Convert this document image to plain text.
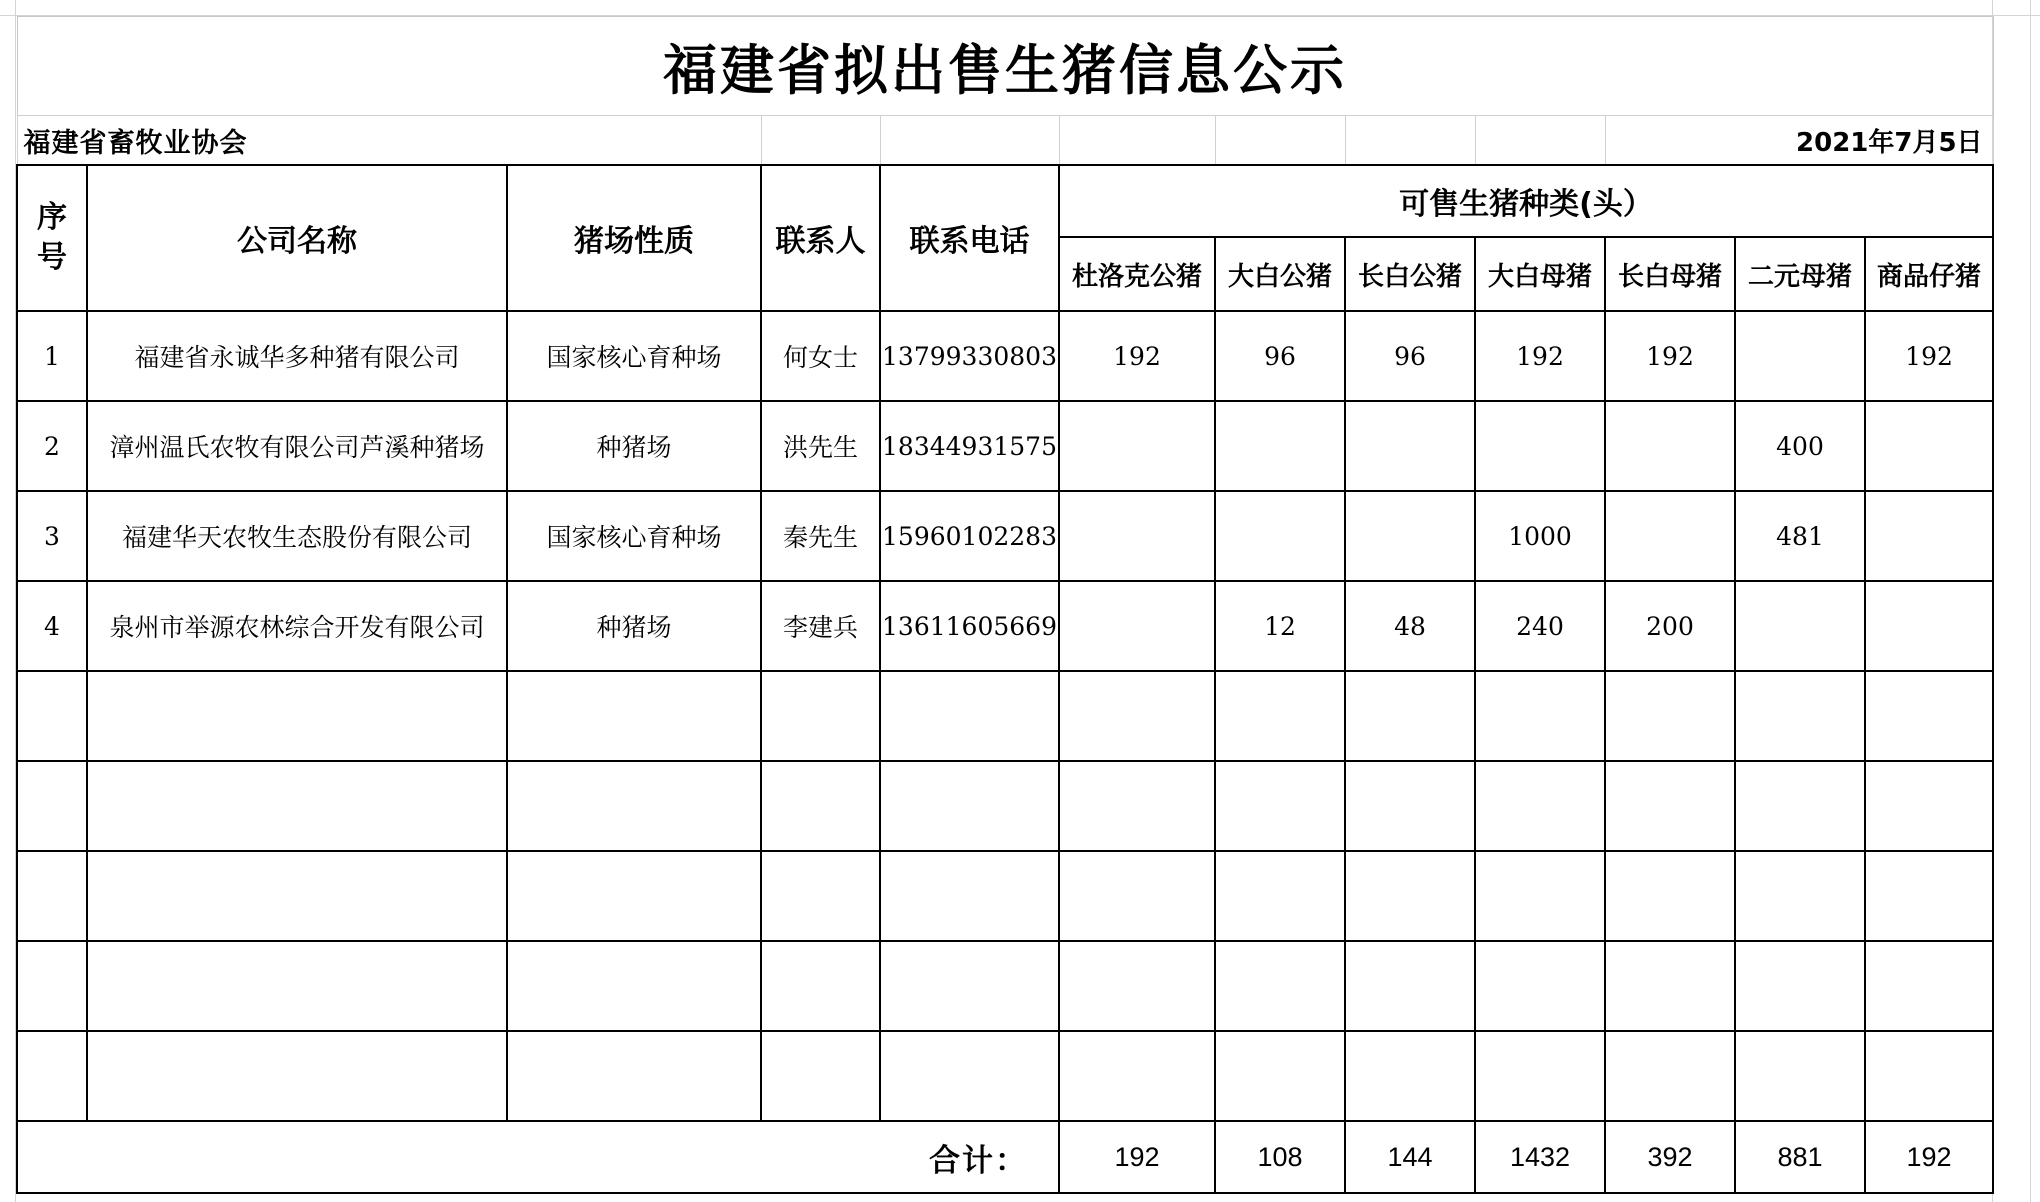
福建省拟出售生猪信息公示											
福建省畜牧业协会									2021年7月5日		

序号	公司名称	猪场性质	联系人	联系电话	可售生猪种类(头）						
					杜洛克公猪	大白公猪	长白公猪	大白母猪	长白母猪	二元母猪	商品仔猪
1	福建省永诚华多种猪有限公司	国家核心育种场	何女士	13799330803	192	96	96	192	192		192
2	漳州温氏农牧有限公司芦溪种猪场	种猪场	洪先生	18344931575						400	
3	福建华天农牧生态股份有限公司	国家核心育种场	秦先生	15960102283				1000		481	
4	泉州市举源农林综合开发有限公司	种猪场	李建兵	13611605669		12	48	240	200		

合计：					192	108	144	1432	392	881	192
